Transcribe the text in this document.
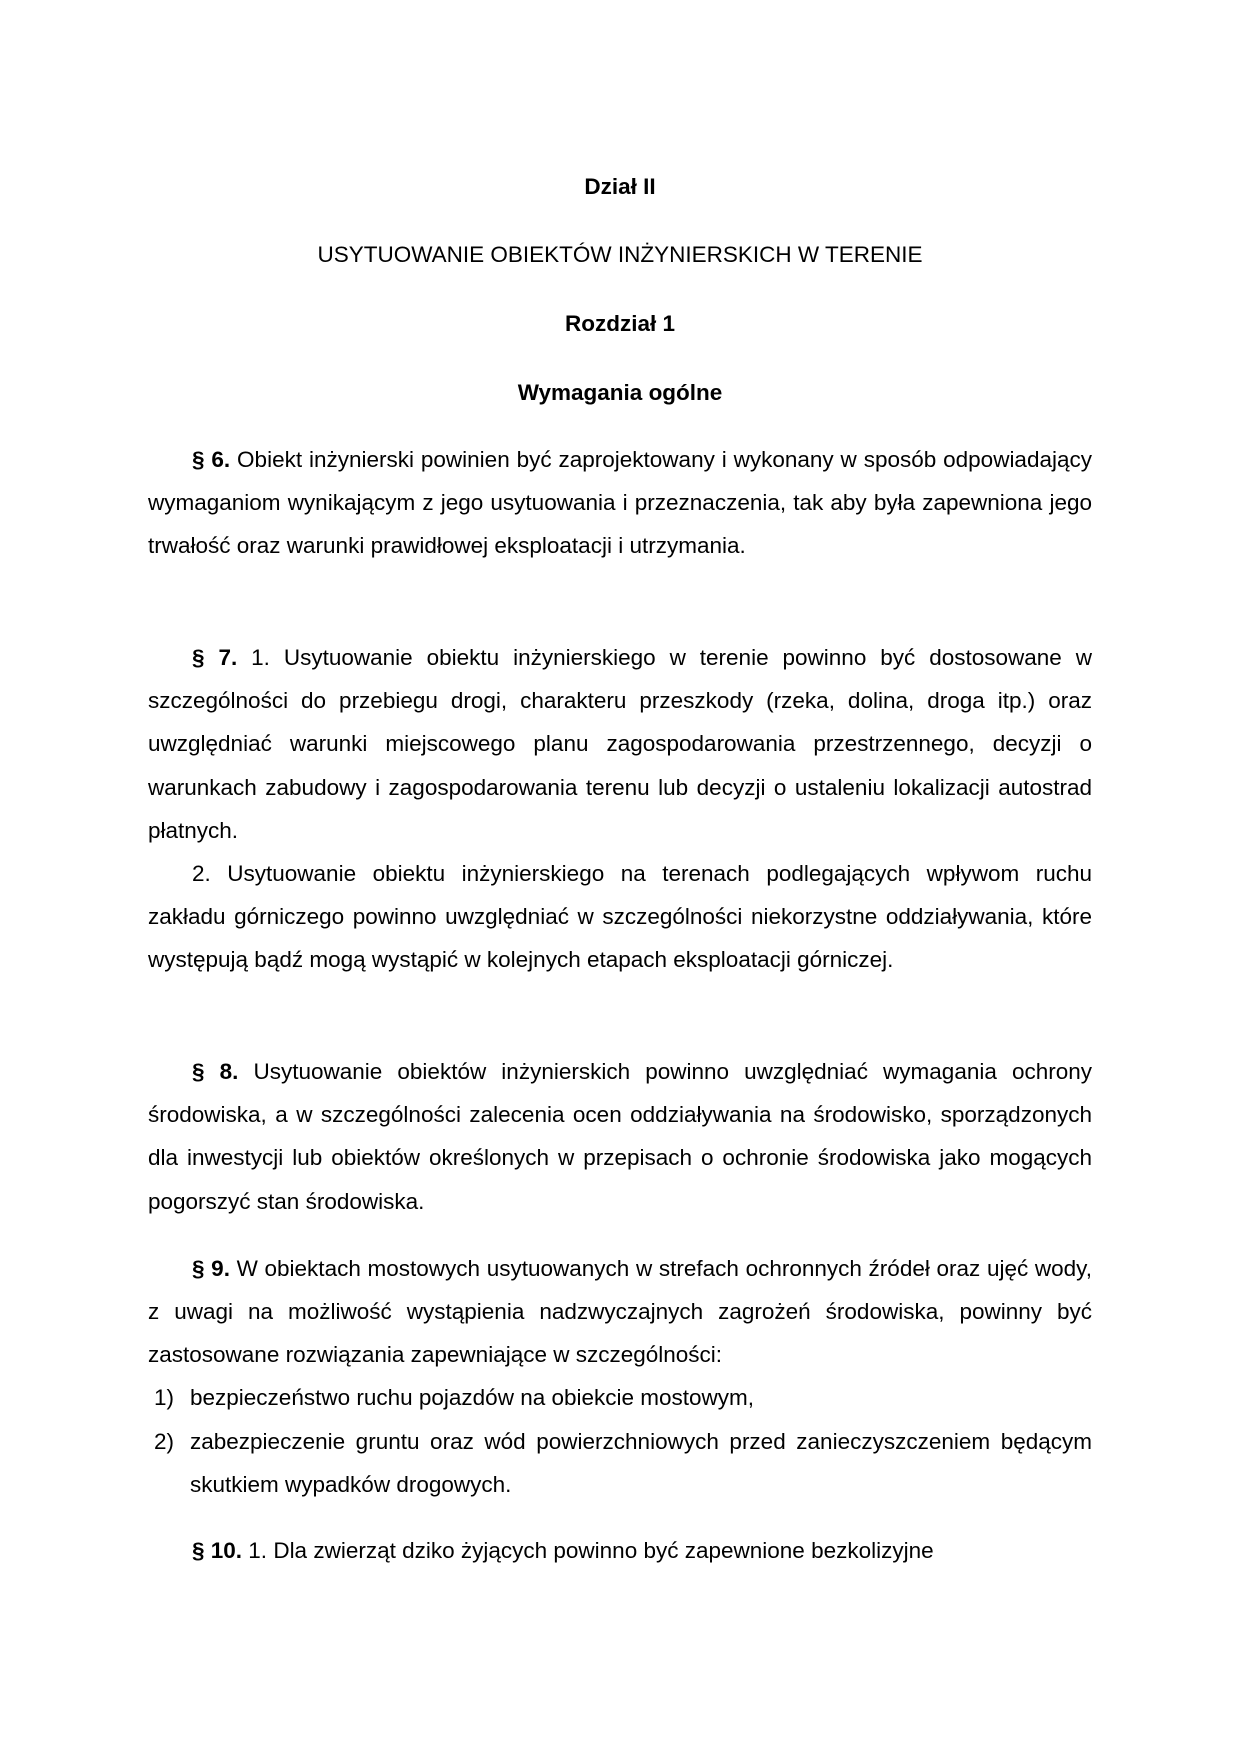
Dział II
USYTUOWANIE OBIEKTÓW INŻYNIERSKICH W TERENIE
Rozdział 1
Wymagania ogólne

§ 6. Obiekt inżynierski powinien być zaprojektowany i wykonany w sposób odpowiadający wymaganiom wynikającym z jego usytuowania i przeznaczenia, tak aby była zapewniona jego trwałość oraz warunki prawidłowej eksploatacji i utrzymania.

§ 7. 1. Usytuowanie obiektu inżynierskiego w terenie powinno być dostosowane w szczególności do przebiegu drogi, charakteru przeszkody (rzeka, dolina, droga itp.) oraz uwzględniać warunki miejscowego planu zagospodarowania przestrzennego, decyzji o warunkach zabudowy i zagospodarowania terenu lub decyzji o ustaleniu lokalizacji autostrad płatnych.

2. Usytuowanie obiektu inżynierskiego na terenach podlegających wpływom ruchu zakładu górniczego powinno uwzględniać w szczególności niekorzystne oddziaływania, które występują bądź mogą wystąpić w kolejnych etapach eksploatacji górniczej.

§ 8. Usytuowanie obiektów inżynierskich powinno uwzględniać wymagania ochrony środowiska, a w szczególności zalecenia ocen oddziaływania na środowisko, sporządzonych dla inwestycji lub obiektów określonych w przepisach o ochronie środowiska jako mogących pogorszyć stan środowiska.

§ 9. W obiektach mostowych usytuowanych w strefach ochronnych źródeł oraz ujęć wody, z uwagi na możliwość wystąpienia nadzwyczajnych zagrożeń środowiska, powinny być zastosowane rozwiązania zapewniające w szczególności:

1) bezpieczeństwo ruchu pojazdów na obiekcie mostowym,
2) zabezpieczenie gruntu oraz wód powierzchniowych przed zanieczyszczeniem będącym skutkiem wypadków drogowych.

§ 10. 1. Dla zwierząt dziko żyjących powinno być zapewnione bezkolizyjne
